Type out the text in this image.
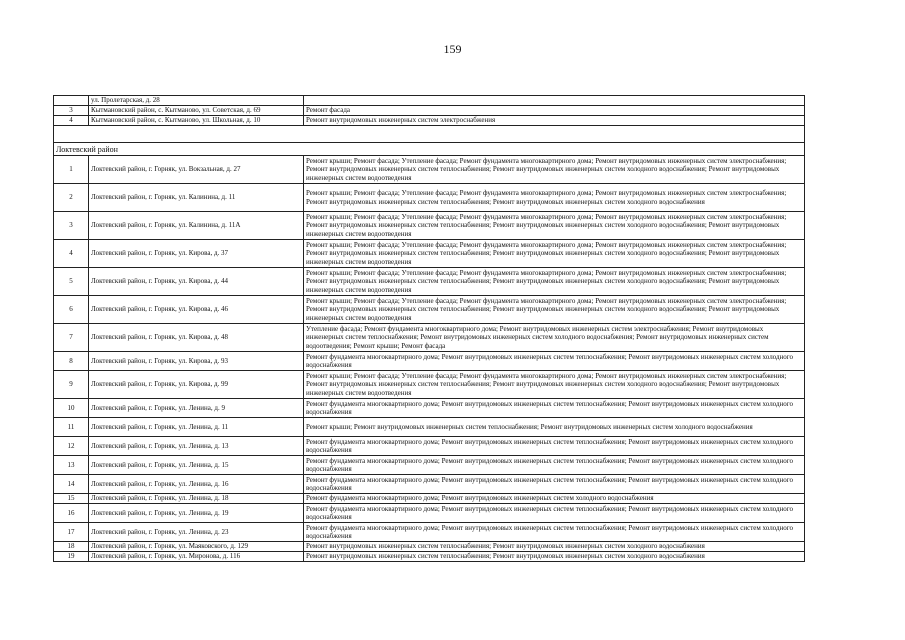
159
	ул. Пролетарская, д. 28	
3	Кытмановский район, с. Кытманово, ул. Советская, д. 69	Ремонт фасада
4	Кытмановский район, с. Кытманово, ул. Школьная, д. 10	Ремонт внутридомовых инженерных систем электроснабжения

Локтевский район		
1	Локтевский район, г. Горняк, ул. Вокзальная, д. 27	Ремонт крыши; Ремонт фасада; Утепление фасада; Ремонт фундамента многоквартирного дома; Ремонт внутридомовых инженерных систем электроснабжения; Ремонт внутридомовых инженерных систем теплоснабжения; Ремонт внутридомовых инженерных систем холодного водоснабжения; Ремонт внутридомовых инженерных систем водоотведения
2	Локтевский район, г. Горняк, ул. Калинина, д. 11	Ремонт крыши; Ремонт фасада; Утепление фасада; Ремонт фундамента многоквартирного дома; Ремонт внутридомовых инженерных систем электроснабжения; Ремонт внутридомовых инженерных систем теплоснабжения; Ремонт внутридомовых инженерных систем холодного водоснабжения
3	Локтевский район, г. Горняк, ул. Калинина, д. 11А	Ремонт крыши; Ремонт фасада; Утепление фасада; Ремонт фундамента многоквартирного дома; Ремонт внутридомовых инженерных систем электроснабжения; Ремонт внутридомовых инженерных систем теплоснабжения; Ремонт внутридомовых инженерных систем холодного водоснабжения; Ремонт внутридомовых инженерных систем водоотведения
4	Локтевский район, г. Горняк, ул. Кирова, д. 37	Ремонт крыши; Ремонт фасада; Утепление фасада; Ремонт фундамента многоквартирного дома; Ремонт внутридомовых инженерных систем электроснабжения; Ремонт внутридомовых инженерных систем теплоснабжения; Ремонт внутридомовых инженерных систем холодного водоснабжения; Ремонт внутридомовых инженерных систем водоотведения
5	Локтевский район, г. Горняк, ул. Кирова, д. 44	Ремонт крыши; Ремонт фасада; Утепление фасада; Ремонт фундамента многоквартирного дома; Ремонт внутридомовых инженерных систем электроснабжения; Ремонт внутридомовых инженерных систем теплоснабжения; Ремонт внутридомовых инженерных систем холодного водоснабжения; Ремонт внутридомовых инженерных систем водоотведения
6	Локтевский район, г. Горняк, ул. Кирова, д. 46	Ремонт крыши; Ремонт фасада; Утепление фасада; Ремонт фундамента многоквартирного дома; Ремонт внутридомовых инженерных систем электроснабжения; Ремонт внутридомовых инженерных систем теплоснабжения; Ремонт внутридомовых инженерных систем холодного водоснабжения; Ремонт внутридомовых инженерных систем водоотведения
7	Локтевский район, г. Горняк, ул. Кирова, д. 48	Утепление фасада; Ремонт фундамента многоквартирного дома; Ремонт внутридомовых инженерных систем электроснабжения; Ремонт внутридомовых инженерных систем теплоснабжения; Ремонт внутридомовых инженерных систем холодного водоснабжения; Ремонт внутридомовых инженерных систем водоотведения; Ремонт крыши; Ремонт фасада
8	Локтевский район, г. Горняк, ул. Кирова, д. 93	Ремонт фундамента многоквартирного дома; Ремонт внутридомовых инженерных систем теплоснабжения; Ремонт внутридомовых инженерных систем холодного водоснабжения
9	Локтевский район, г. Горняк, ул. Кирова, д. 99	Ремонт крыши; Ремонт фасада; Утепление фасада; Ремонт фундамента многоквартирного дома; Ремонт внутридомовых инженерных систем электроснабжения; Ремонт внутридомовых инженерных систем теплоснабжения; Ремонт внутридомовых инженерных систем холодного водоснабжения; Ремонт внутридомовых инженерных систем водоотведения
10	Локтевский район, г. Горняк, ул. Ленина, д. 9	Ремонт фундамента многоквартирного дома; Ремонт внутридомовых инженерных систем теплоснабжения; Ремонт внутридомовых инженерных систем холодного водоснабжения
11	Локтевский район, г. Горняк, ул. Ленина, д. 11	Ремонт крыши; Ремонт внутридомовых инженерных систем теплоснабжения; Ремонт внутридомовых инженерных систем холодного водоснабжения
12	Локтевский район, г. Горняк, ул. Ленина, д. 13	Ремонт фундамента многоквартирного дома; Ремонт внутридомовых инженерных систем теплоснабжения; Ремонт внутридомовых инженерных систем холодного водоснабжения
13	Локтевский район, г. Горняк, ул. Ленина, д. 15	Ремонт фундамента многоквартирного дома; Ремонт внутридомовых инженерных систем теплоснабжения; Ремонт внутридомовых инженерных систем холодного водоснабжения
14	Локтевский район, г. Горняк, ул. Ленина, д. 16	Ремонт фундамента многоквартирного дома; Ремонт внутридомовых инженерных систем теплоснабжения; Ремонт внутридомовых инженерных систем холодного водоснабжения
15	Локтевский район, г. Горняк, ул. Ленина, д. 18	Ремонт фундамента многоквартирного дома; Ремонт внутридомовых инженерных систем холодного водоснабжения
16	Локтевский район, г. Горняк, ул. Ленина, д. 19	Ремонт фундамента многоквартирного дома; Ремонт внутридомовых инженерных систем теплоснабжения; Ремонт внутридомовых инженерных систем холодного водоснабжения
17	Локтевский район, г. Горняк, ул. Ленина, д. 23	Ремонт фундамента многоквартирного дома; Ремонт внутридомовых инженерных систем теплоснабжения; Ремонт внутридомовых инженерных систем холодного водоснабжения
18	Локтевский район, г. Горняк, ул. Маяковского, д. 129	Ремонт внутридомовых инженерных систем теплоснабжения; Ремонт внутридомовых инженерных систем холодного водоснабжения
19	Локтевский район, г. Горняк, ул. Миронова, д. 116	Ремонт внутридомовых инженерных систем теплоснабжения; Ремонт внутридомовых инженерных систем холодного водоснабжения
